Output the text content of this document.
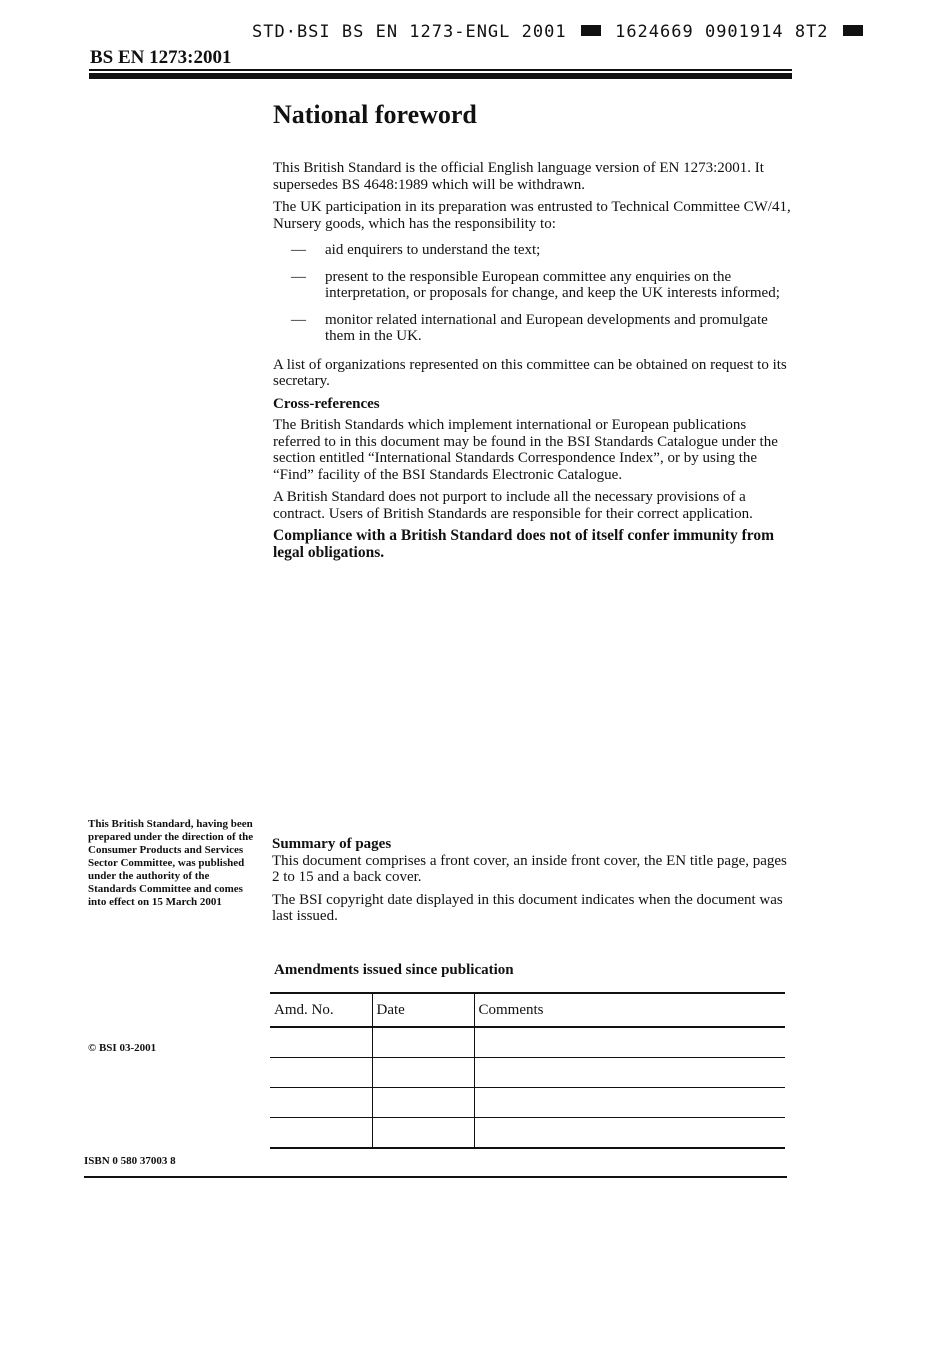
STD·BSI BS EN 1273-ENGL 2001	1624669 0901914 8T2
BS EN 1273:2001
National foreword

This British Standard is the official English language version of EN 1273:2001. It supersedes BS 4648:1989 which will be withdrawn.

The UK participation in its preparation was entrusted to Technical Committee CW/41, Nursery goods, which has the responsibility to:

—	aid enquirers to understand the text;
—	present to the responsible European committee any enquiries on the interpretation, or proposals for change, and keep the UK interests informed;
—	monitor related international and European developments and promulgate them in the UK.

A list of organizations represented on this committee can be obtained on request to its secretary.

Cross-references

The British Standards which implement international or European publications referred to in this document may be found in the BSI Standards Catalogue under the section entitled “International Standards Correspondence Index”, or by using the “Find” facility of the BSI Standards Electronic Catalogue.

A British Standard does not purport to include all the necessary provisions of a contract. Users of British Standards are responsible for their correct application.

Compliance with a British Standard does not of itself confer immunity from legal obligations.

This British Standard, having been prepared under the direction of the Consumer Products and Services Sector Committee, was published under the authority of the Standards Committee and comes into effect on 15 March 2001
Summary of pages

This document comprises a front cover, an inside front cover, the EN title page, pages 2 to 15 and a back cover.

The BSI copyright date displayed in this document indicates when the document was last issued.

Amendments issued since publication
Amd. No.	Date	Comments

© BSI 03-2001
ISBN 0 580 37003 8
